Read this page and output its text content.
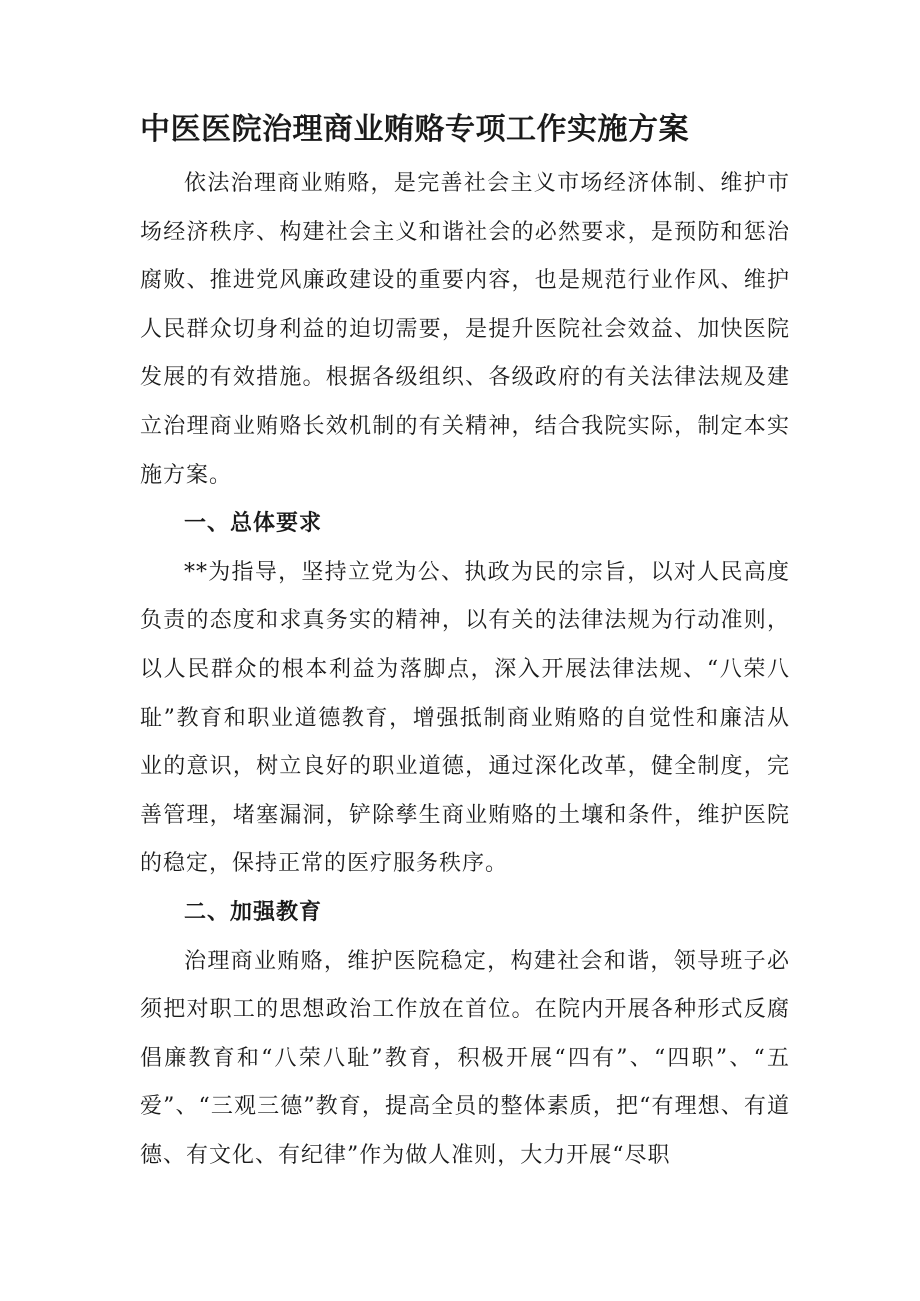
中医医院治理商业贿赂专项工作实施方案

依法治理商业贿赂，是完善社会主义市场经济体制、维护市场经济秩序、构建社会主义和谐社会的必然要求，是预防和惩治腐败、推进党风廉政建设的重要内容，也是规范行业作风、维护人民群众切身利益的迫切需要，是提升医院社会效益、加快医院发展的有效措施。根据各级组织、各级政府的有关法律法规及建立治理商业贿赂长效机制的有关精神，结合我院实际，制定本实施方案。

一、总体要求

**为指导，坚持立党为公、执政为民的宗旨，以对人民高度负责的态度和求真务实的精神，以有关的法律法规为行动准则，以人民群众的根本利益为落脚点，深入开展法律法规、“八荣八耻”教育和职业道德教育，增强抵制商业贿赂的自觉性和廉洁从业的意识，树立良好的职业道德，通过深化改革，健全制度，完善管理，堵塞漏洞，铲除孳生商业贿赂的土壤和条件，维护医院的稳定，保持正常的医疗服务秩序。

二、加强教育

治理商业贿赂，维护医院稳定，构建社会和谐，领导班子必须把对职工的思想政治工作放在首位。在院内开展各种形式反腐倡廉教育和“八荣八耻”教育，积极开展“四有”、“四职”、“五爱”、“三观三德”教育，提高全员的整体素质，把“有理想、有道德、有文化、有纪律”作为做人准则，大力开展“尽职
